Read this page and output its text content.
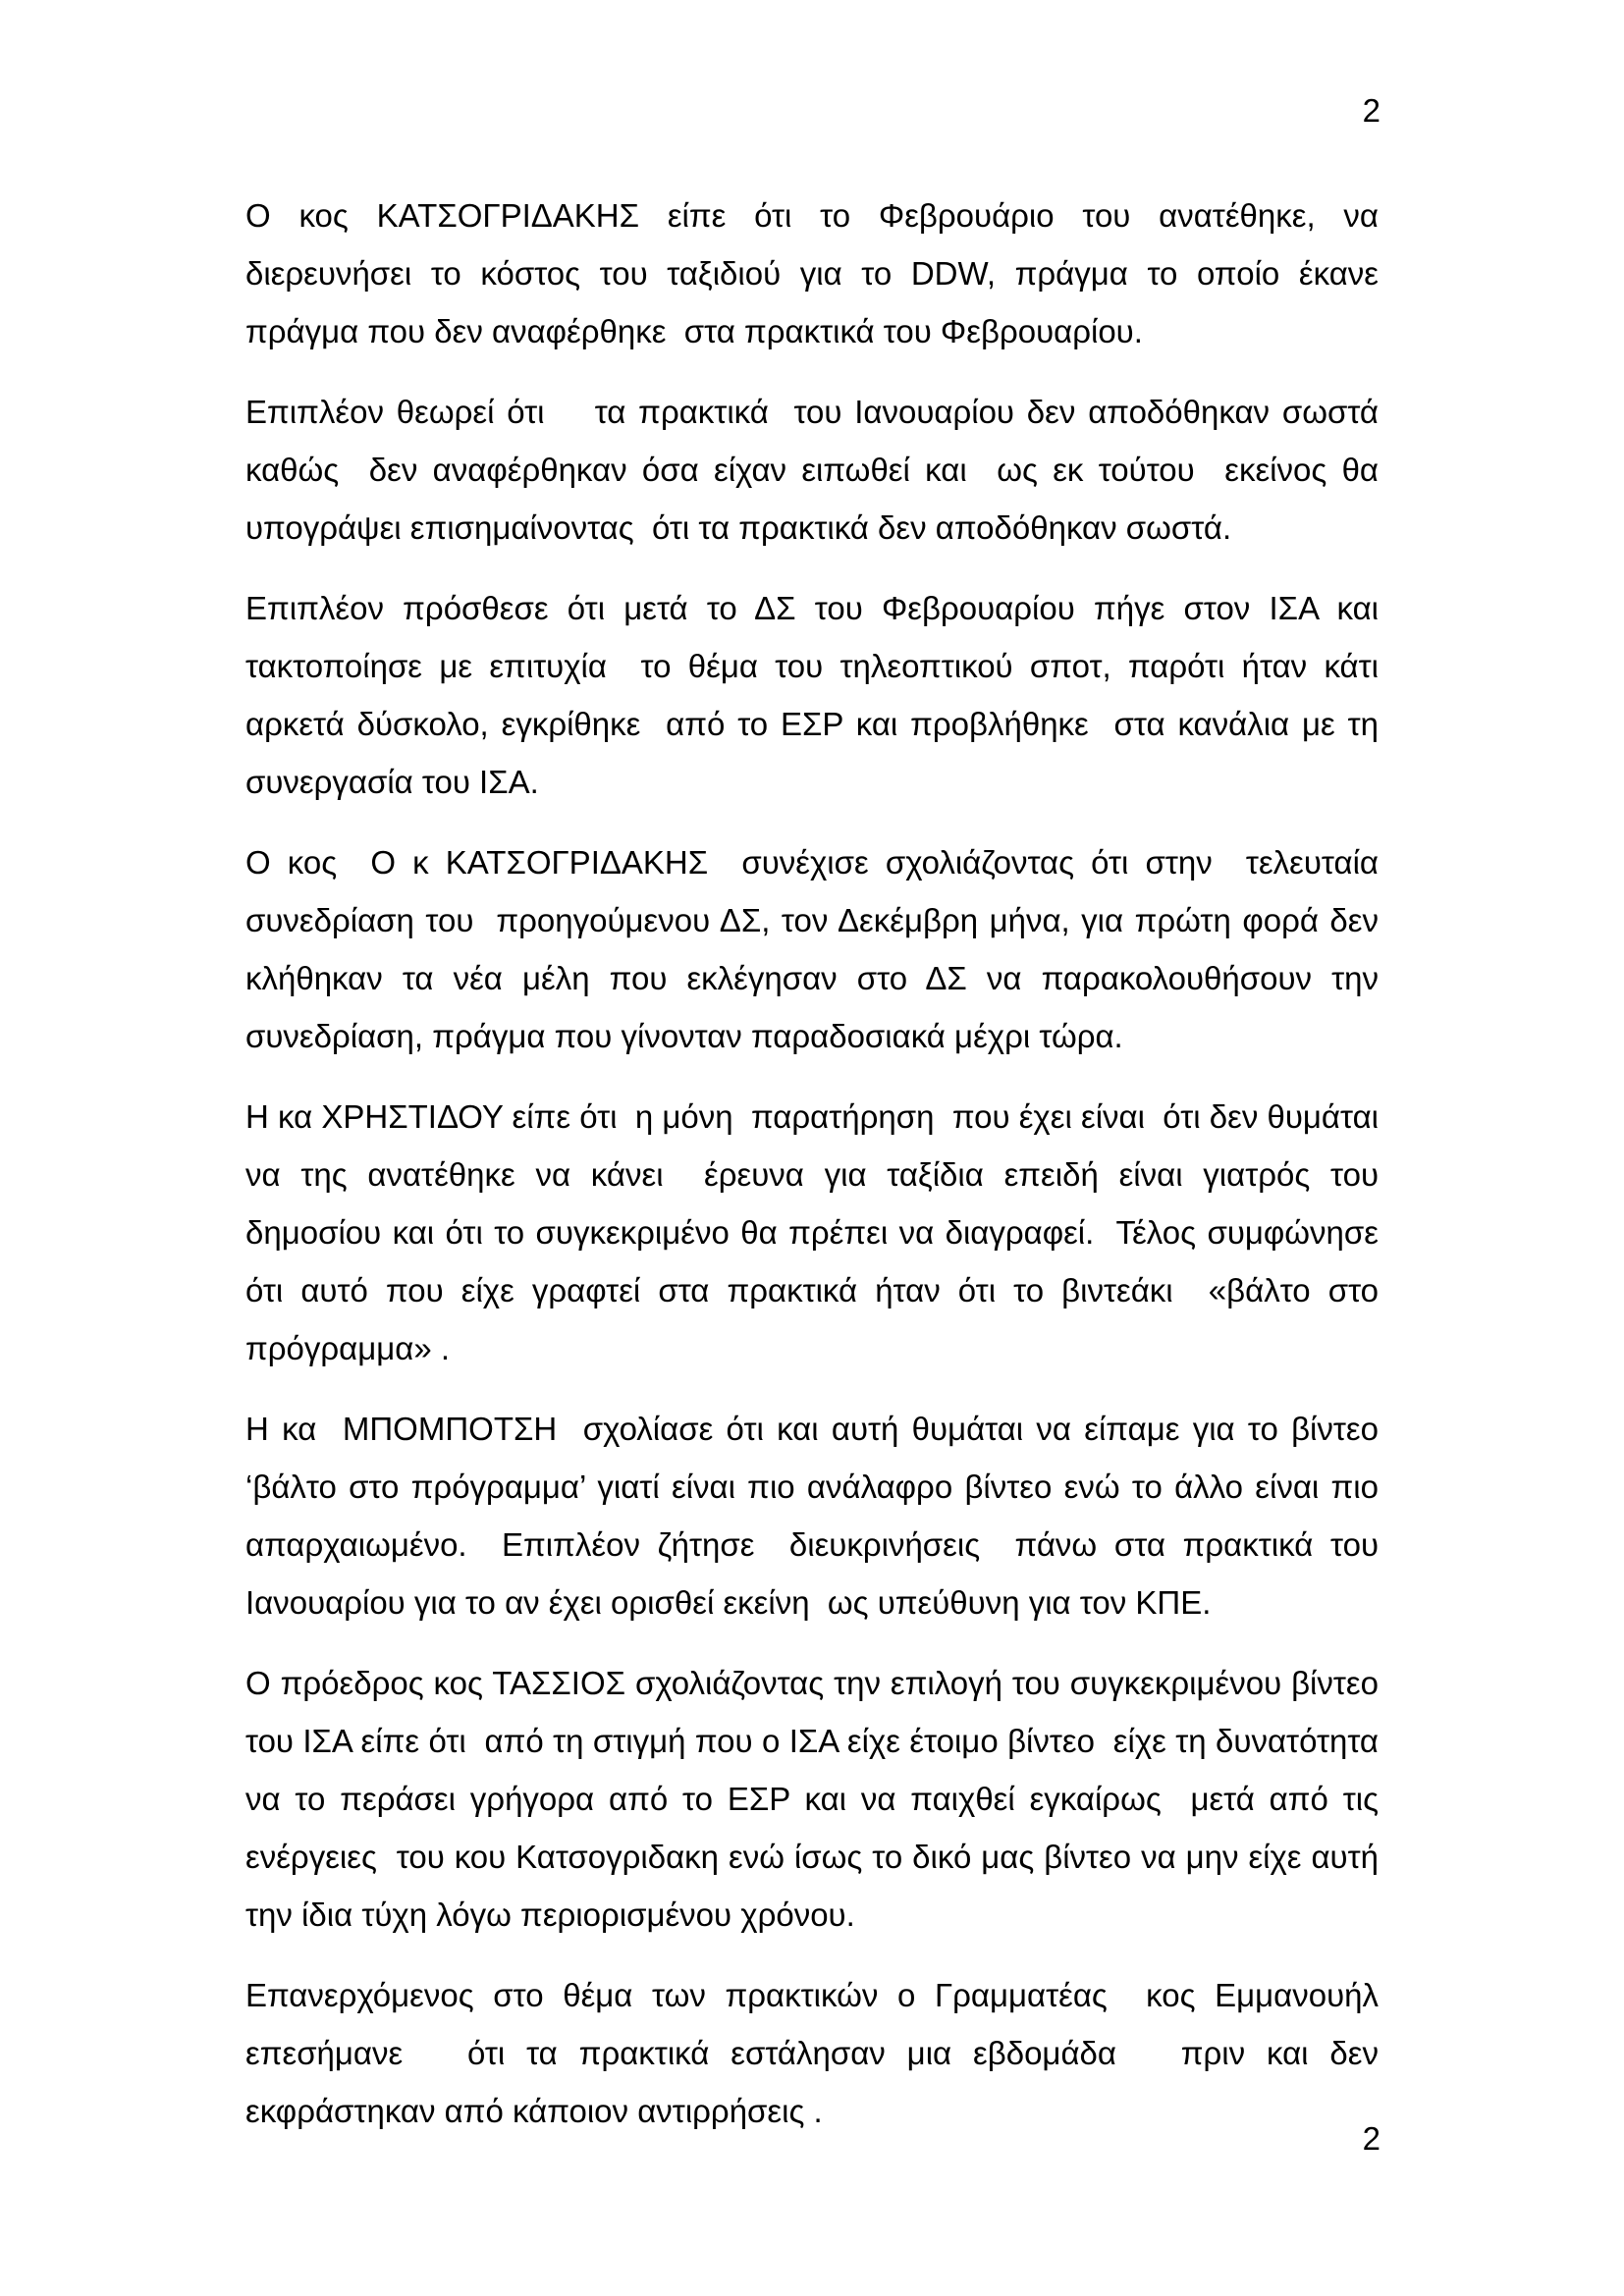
2

Ο κος ΚΑΤΣΟΓΡΙΔΑΚΗΣ είπε ότι το Φεβρουάριο του ανατέθηκε, να διερευνήσει το κόστος του ταξιδιού για το DDW, πράγμα το οποίο έκανε πράγμα που δεν αναφέρθηκε  στα πρακτικά του Φεβρουαρίου.

Επιπλέον θεωρεί ότι    τα πρακτικά  του Ιανουαρίου δεν αποδόθηκαν σωστά καθώς  δεν αναφέρθηκαν όσα είχαν ειπωθεί και  ως εκ τούτου  εκείνος θα υπογράψει επισημαίνοντας  ότι τα πρακτικά δεν αποδόθηκαν σωστά.

Επιπλέον πρόσθεσε ότι μετά το ΔΣ του Φεβρουαρίου πήγε στον ΙΣΑ και τακτοποίησε με επιτυχία  το θέμα του τηλεοπτικού σποτ, παρότι ήταν κάτι αρκετά δύσκολο, εγκρίθηκε  από το ΕΣΡ και προβλήθηκε  στα κανάλια με τη συνεργασία του ΙΣΑ.

Ο κος  Ο κ ΚΑΤΣΟΓΡΙΔΑΚΗΣ  συνέχισε σχολιάζοντας ότι στην  τελευταία συνεδρίαση του  προηγούμενου ΔΣ, τον Δεκέμβρη μήνα, για πρώτη φορά δεν κλήθηκαν τα νέα μέλη που εκλέγησαν στο ΔΣ να παρακολουθήσουν την συνεδρίαση, πράγμα που γίνονταν παραδοσιακά μέχρι τώρα.

Η κα ΧΡΗΣΤΙΔΟΥ είπε ότι  η μόνη  παρατήρηση  που έχει είναι  ότι δεν θυμάται να της ανατέθηκε να κάνει  έρευνα για ταξίδια επειδή είναι γιατρός του δημοσίου και ότι το συγκεκριμένο θα πρέπει να διαγραφεί.  Τέλος συμφώνησε ότι αυτό που είχε γραφτεί στα πρακτικά ήταν ότι το βιντεάκι  «βάλτο στο πρόγραμμα» .

Η κα  ΜΠΟΜΠΟΤΣΗ  σχολίασε ότι και αυτή θυμάται να είπαμε για το βίντεο ‘βάλτο στο πρόγραμμα’ γιατί είναι πιο ανάλαφρο βίντεο ενώ το άλλο είναι πιο απαρχαιωμένο.  Επιπλέον ζήτησε  διευκρινήσεις  πάνω στα πρακτικά του Ιανουαρίου για το αν έχει ορισθεί εκείνη  ως υπεύθυνη για τον ΚΠΕ.

Ο πρόεδρος κος ΤΑΣΣΙΟΣ σχολιάζοντας την επιλογή του συγκεκριμένου βίντεο του ΙΣΑ είπε ότι  από τη στιγμή που ο ΙΣΑ είχε έτοιμο βίντεο  είχε τη δυνατότητα να το περάσει γρήγορα από το ΕΣΡ και να παιχθεί εγκαίρως  μετά από τις ενέργειες  του κου Κατσογριδακη ενώ ίσως το δικό μας βίντεο να μην είχε αυτή την ίδια τύχη λόγω περιορισμένου χρόνου.

Επανερχόμενος στο θέμα των πρακτικών ο Γραμματέας  κος Εμμανουήλ επεσήμανε   ότι τα πρακτικά εστάλησαν μια εβδομάδα   πριν και δεν εκφράστηκαν από κάποιον αντιρρήσεις .

2
